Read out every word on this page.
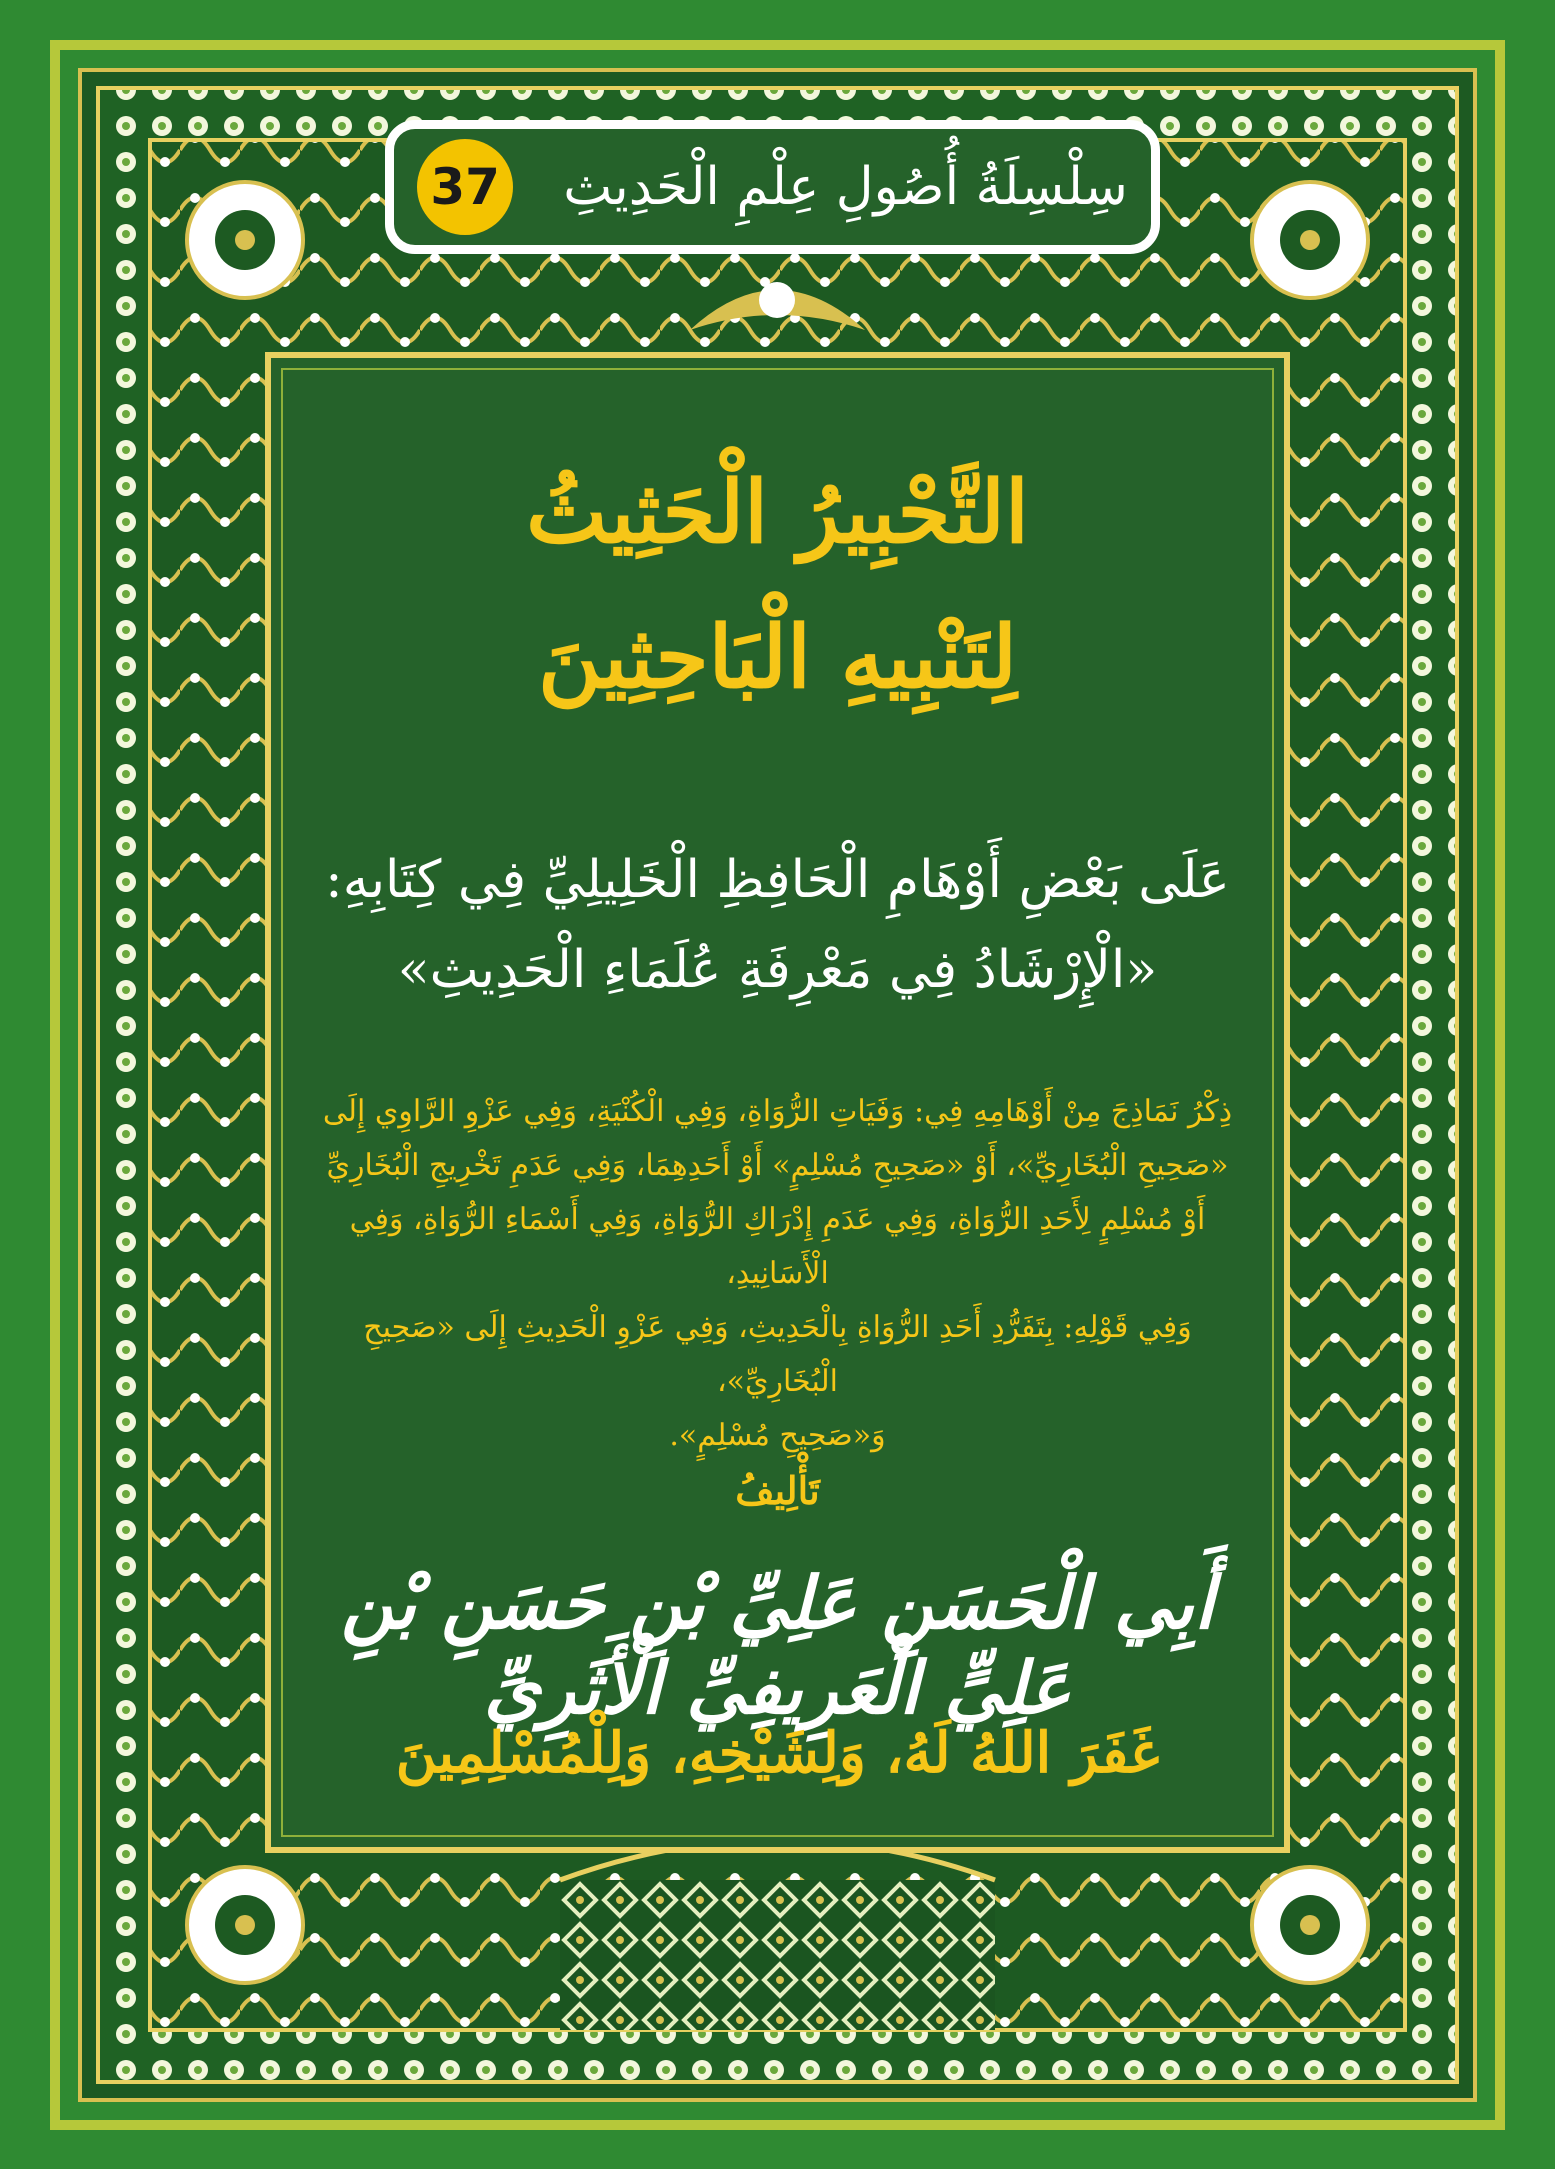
سِلْسِلَةُ أُصُولِ عِلْمِ الْحَدِيثِ
37
التَّحْبِيرُ الْحَثِيثُ
لِتَنْبِيهِ الْبَاحِثِينَ
عَلَى بَعْضِ أَوْهَامِ الْحَافِظِ الْخَلِيلِيِّ فِي كِتَابِهِ:
«الْإِرْشَادُ فِي مَعْرِفَةِ عُلَمَاءِ الْحَدِيثِ»
ذِكْرُ نَمَاذِجَ مِنْ أَوْهَامِهِ فِي: وَفَيَاتِ الرُّوَاةِ، وَفِي الْكُنْيَةِ، وَفِي عَزْوِ الرَّاوِي إِلَى
«صَحِيحِ الْبُخَارِيِّ»، أَوْ «صَحِيحِ مُسْلِمٍ» أَوْ أَحَدِهِمَا، وَفِي عَدَمِ تَخْرِيجِ الْبُخَارِيِّ
أَوْ مُسْلِمٍ لِأَحَدِ الرُّوَاةِ، وَفِي عَدَمِ إِدْرَاكِ الرُّوَاةِ، وَفِي أَسْمَاءِ الرُّوَاةِ، وَفِي الْأَسَانِيدِ،
وَفِي قَوْلِهِ: بِتَفَرُّدِ أَحَدِ الرُّوَاةِ بِالْحَدِيثِ، وَفِي عَزْوِ الْحَدِيثِ إِلَى «صَحِيحِ الْبُخَارِيِّ»،
وَ«صَحِيحِ مُسْلِمٍ».
تَأْلِيفُ
أَبِي الْحَسَنِ عَلِيِّ بْنِ حَسَنِ بْنِ عَلِيٍّ الْعَرِيفِيِّ الْأَثَرِيِّ
غَفَرَ اللهُ لَهُ، وَلِشَيْخِهِ، وَلِلْمُسْلِمِينَ
